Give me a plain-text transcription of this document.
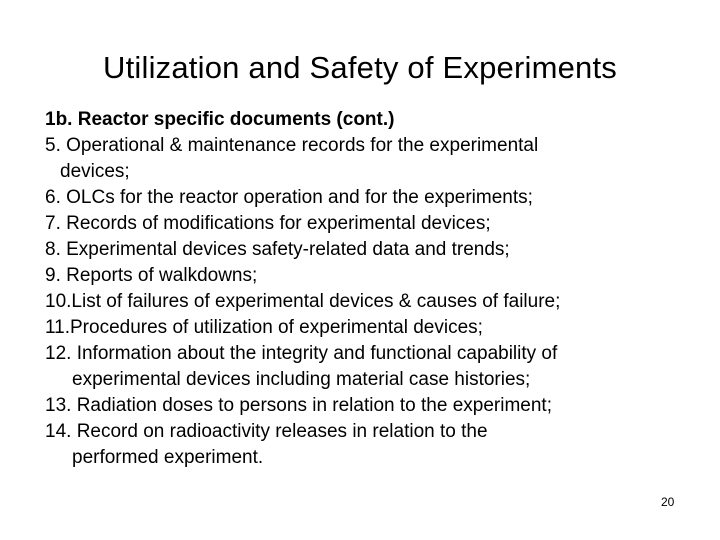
Utilization and Safety of Experiments
1b. Reactor specific documents (cont.)
5. Operational & maintenance records for the experimental
devices;
6. OLCs for the reactor operation and for the experiments;
7. Records of modifications for experimental devices;
8. Experimental devices safety-related data and trends;
9. Reports of walkdowns;
10.List of failures of experimental devices & causes of failure;
11.Procedures of utilization of experimental devices;
12. Information about the integrity and functional capability of
experimental devices including material case histories;
13. Radiation doses to persons in relation to the experiment;
14. Record on radioactivity releases in relation to the
performed experiment.
20
